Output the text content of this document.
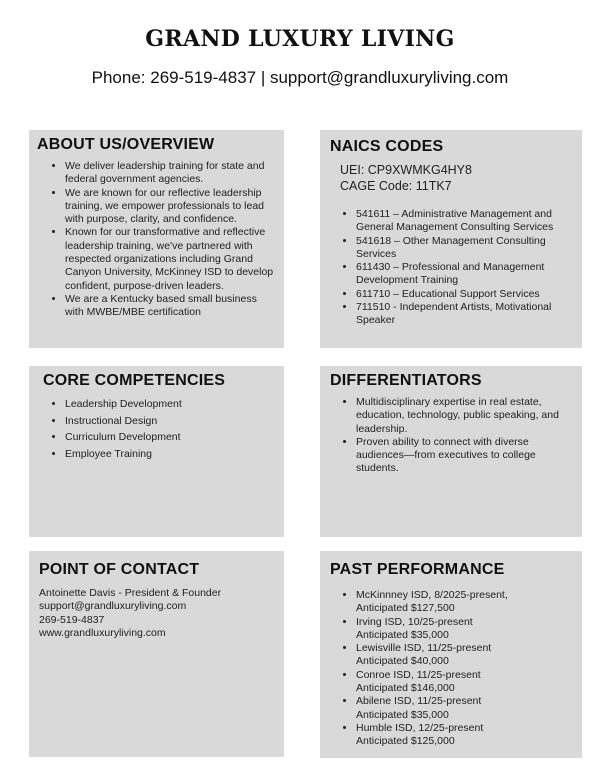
GRAND LUXURY LIVING
Phone: 269-519-4837 | support@grandluxuryliving.com
ABOUT US/OVERVIEW
• We deliver leadership training for state and federal government agencies.
• We are known for our reflective leadership training, we empower professionals to lead with purpose, clarity, and confidence.
• Known for our transformative and reflective leadership training, we've partnered with respected organizations including Grand Canyon University, McKinney ISD to develop confident, purpose-driven leaders.
• We are a Kentucky based small business with MWBE/MBE certification
NAICS CODES
UEI: CP9XWMKG4HY8
CAGE Code: 11TK7
• 541611 – Administrative Management and General Management Consulting Services
• 541618 – Other Management Consulting Services
• 611430 – Professional and Management Development Training
• 611710 – Educational Support Services
• 711510 - Independent Artists, Motivational Speaker
CORE COMPETENCIES
• Leadership Development
• Instructional Design
• Curriculum Development
• Employee Training
DIFFERENTIATORS
• Multidisciplinary expertise in real estate, education, technology, public speaking, and leadership.
• Proven ability to connect with diverse audiences—from executives to college students.
POINT OF CONTACT
Antoinette Davis - President & Founder
support@grandluxuryliving.com
269-519-4837
www.grandluxuryliving.com
PAST PERFORMANCE
• McKinnney ISD, 8/2025-present,
Anticipated $127,500
• Irving ISD, 10/25-present
Anticipated $35,000
• Lewisville ISD, 11/25-present
Anticipated $40,000
• Conroe ISD, 11/25-present
Anticipated $146,000
• Abilene ISD, 11/25-present
Anticipated $35,000
• Humble ISD, 12/25-present
Anticipated $125,000
